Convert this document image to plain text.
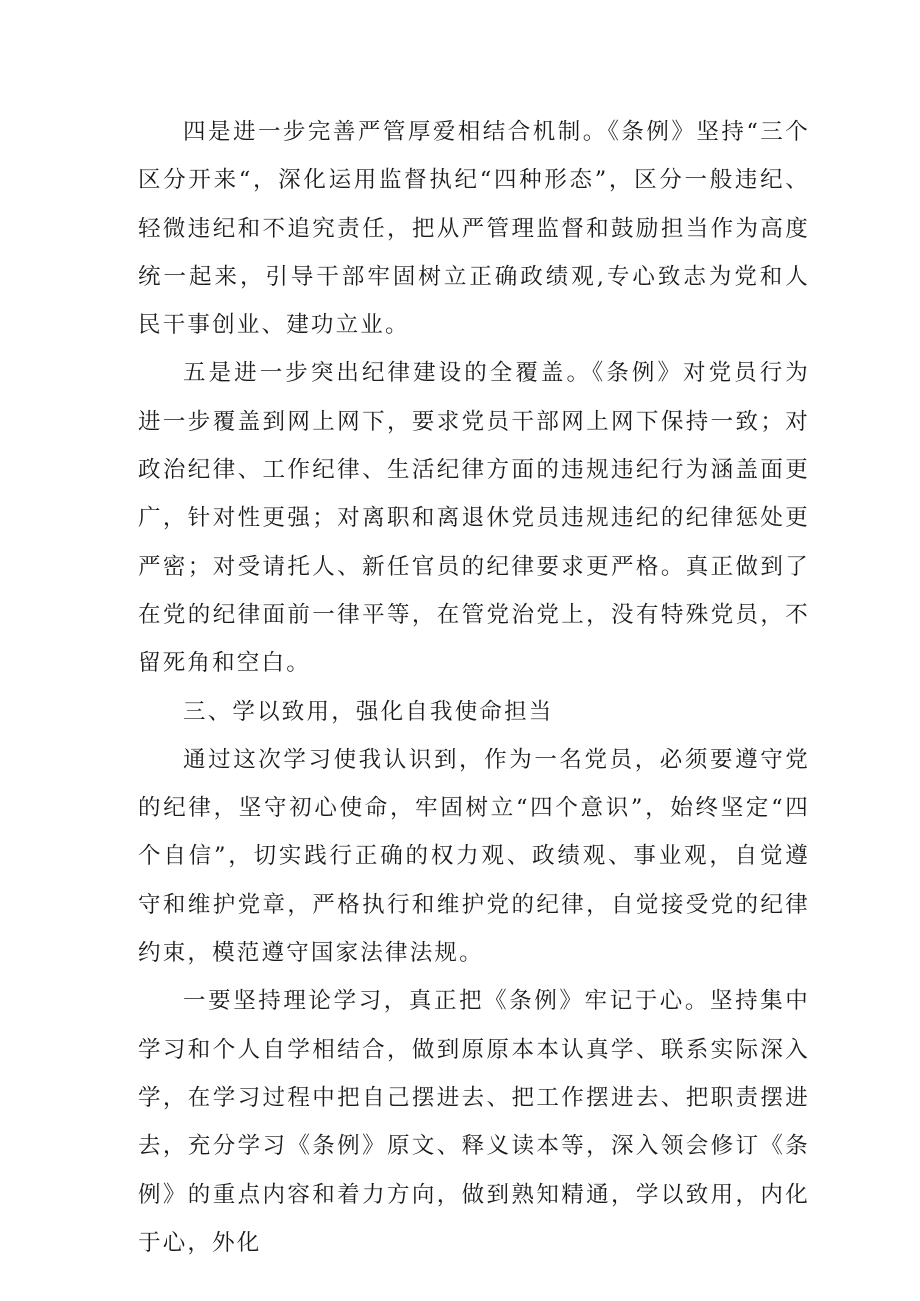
四是进一步完善严管厚爱相结合机制。《条例》坚持“三个区分开来“，深化运用监督执纪“四种形态”，区分一般违纪、轻微违纪和不追究责任，把从严管理监督和鼓励担当作为高度统一起来，引导干部牢固树立正确政绩观,专心致志为党和人民干事创业、建功立业。

五是进一步突出纪律建设的全覆盖。《条例》对党员行为进一步覆盖到网上网下，要求党员干部网上网下保持一致；对政治纪律、工作纪律、生活纪律方面的违规违纪行为涵盖面更广，针对性更强；对离职和离退休党员违规违纪的纪律惩处更严密；对受请托人、新任官员的纪律要求更严格。真正做到了在党的纪律面前一律平等，在管党治党上，没有特殊党员，不留死角和空白。

三、学以致用，强化自我使命担当

通过这次学习使我认识到，作为一名党员，必须要遵守党的纪律，坚守初心使命，牢固树立“四个意识”，始终坚定“四个自信”，切实践行正确的权力观、政绩观、事业观，自觉遵守和维护党章，严格执行和维护党的纪律，自觉接受党的纪律约束，模范遵守国家法律法规。

一要坚持理论学习，真正把《条例》牢记于心。坚持集中学习和个人自学相结合，做到原原本本认真学、联系实际深入学，在学习过程中把自己摆进去、把工作摆进去、把职责摆进去，充分学习《条例》原文、释义读本等，深入领会修订《条例》的重点内容和着力方向，做到熟知精通，学以致用，内化于心，外化
